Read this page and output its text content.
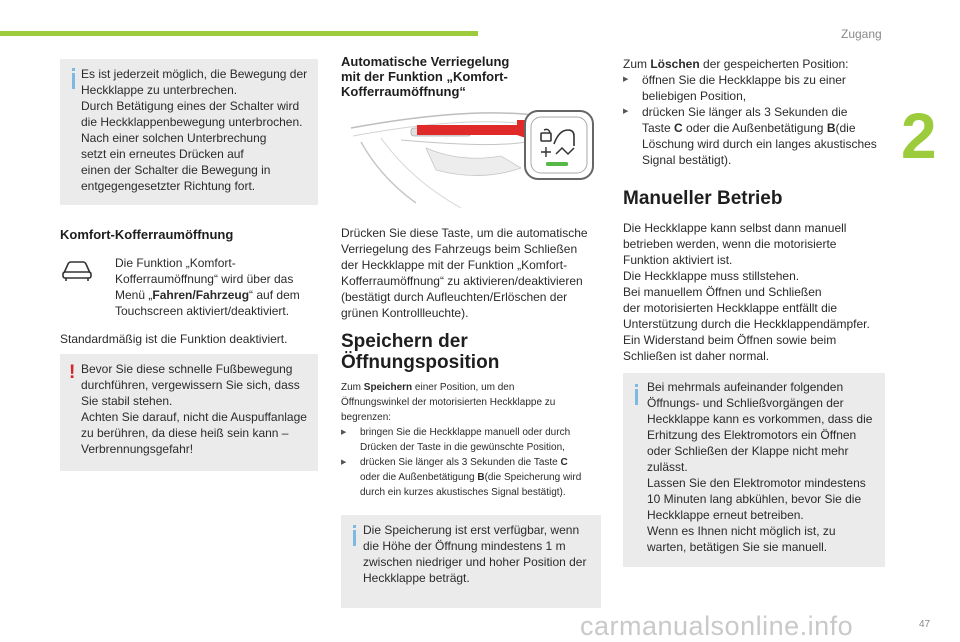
Zugang
2
47
carmanualsonline.info

Es ist jederzeit möglich, die Bewegung der

Heckklappe zu unterbrechen.

Durch Betätigung eines der Schalter wird

die Heckklappenbewegung unterbrochen.

Nach einer solchen Unterbrechung

setzt ein erneutes Drücken auf

einen der Schalter die Bewegung in

entgegengesetzter Richtung fort.

Komfort-Kofferraumöffnung
Die Funktion „Komfort-
Kofferraumöffnung“ wird über das
Menü „Fahren/Fahrzeug“ auf dem
Touchscreen aktiviert/deaktiviert.
Standardmäßig ist die Funktion deaktiviert.
! Bevor Sie diese schnelle Fußbewegung

durchführen, vergewissern Sie sich, dass

Sie stabil stehen.

Achten Sie darauf, nicht die Auspuffanlage

zu berühren, da diese heiß sein kann –

Verbrennungsgefahr!

Automatische Verriegelung
mit der Funktion „Komfort-
Kofferraumöffnung“
Drücken Sie diese Taste, um die automatische
Verriegelung des Fahrzeugs beim Schließen
der Heckklappe mit der Funktion „Komfort-
Kofferraumöffnung“ zu aktivieren/deaktivieren
(bestätigt durch Aufleuchten/Erlöschen der
grünen Kontrollleuchte).
Speichern der
Öffnungsposition
Zum Speichern einer Position, um den
Öffnungswinkel der motorisierten Heckklappe zu
begrenzen:
▶ bringen Sie die Heckklappe manuell oder durch
Drücken der Taste in die gewünschte Position,
▶ drücken Sie länger als 3 Sekunden die Taste C
oder die Außenbetätigung B(die Speicherung wird
durch ein kurzes akustisches Signal bestätigt).

Die Speicherung ist erst verfügbar, wenn

die Höhe der Öffnung mindestens 1 m

zwischen niedriger und hoher Position der

Heckklappe beträgt.

Zum Löschen der gespeicherten Position:
▶ öffnen Sie die Heckklappe bis zu einer
beliebigen Position,
▶ drücken Sie länger als 3 Sekunden die
Taste C oder die Außenbetätigung B(die
Löschung wird durch ein langes akustisches
Signal bestätigt).
Manueller Betrieb
Die Heckklappe kann selbst dann manuell
betrieben werden, wenn die motorisierte
Funktion aktiviert ist.
Die Heckklappe muss stillstehen.
Bei manuellem Öffnen und Schließen
der motorisierten Heckklappe entfällt die
Unterstützung durch die Heckklappendämpfer.
Ein Widerstand beim Öffnen sowie beim
Schließen ist daher normal.

Bei mehrmals aufeinander folgenden

Öffnungs- und Schließvorgängen der

Heckklappe kann es vorkommen, dass die

Erhitzung des Elektromotors ein Öffnen

oder Schließen der Klappe nicht mehr

zulässt.

Lassen Sie den Elektromotor mindestens

10 Minuten lang abkühlen, bevor Sie die

Heckklappe erneut betreiben.

Wenn es Ihnen nicht möglich ist, zu

warten, betätigen Sie sie manuell.
